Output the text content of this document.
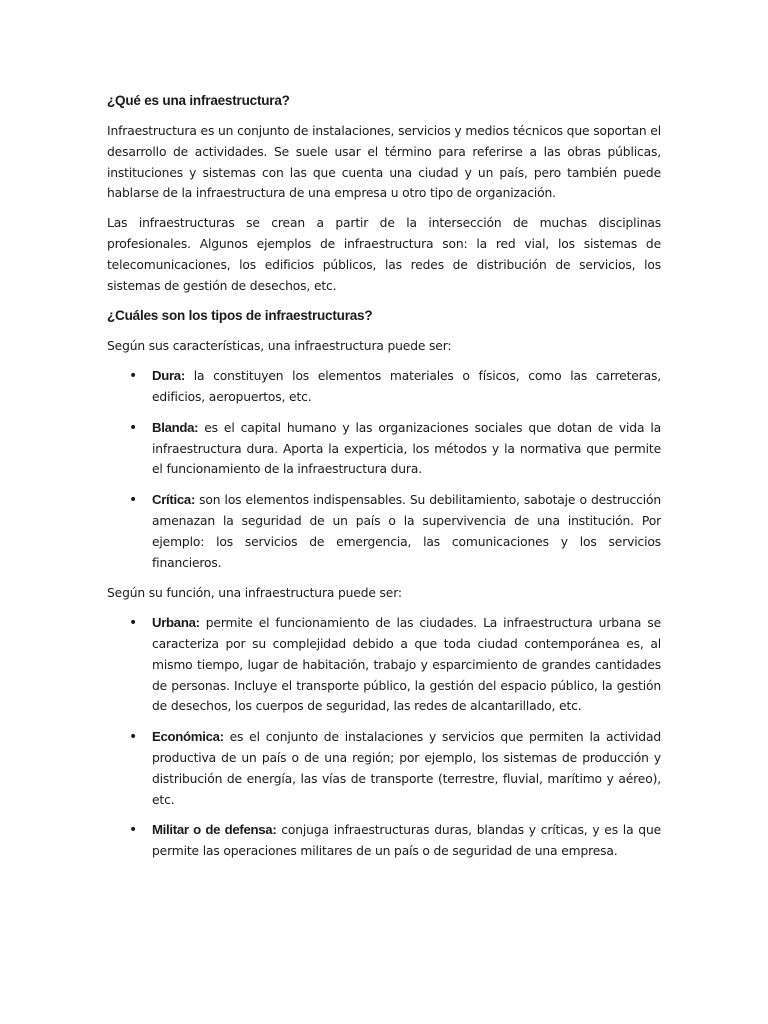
¿Qué es una infraestructura?

Infraestructura es un conjunto de instalaciones, servicios y medios técnicos que soportan el desarrollo de actividades. Se suele usar el término para referirse a las obras públicas, instituciones y sistemas con las que cuenta una ciudad y un país, pero también puede hablarse de la infraestructura de una empresa u otro tipo de organización.

Las infraestructuras se crean a partir de la intersección de muchas disciplinas profesionales. Algunos ejemplos de infraestructura son: la red vial, los sistemas de telecomunicaciones, los edificios públicos, las redes de distribución de servicios, los sistemas de gestión de desechos, etc.

¿Cuáles son los tipos de infraestructuras?

Según sus características, una infraestructura puede ser:

• Dura: la constituyen los elementos materiales o físicos, como las carreteras, edificios, aeropuertos, etc.
• Blanda: es el capital humano y las organizaciones sociales que dotan de vida la infraestructura dura. Aporta la experticia, los métodos y la normativa que permite el funcionamiento de la infraestructura dura.
• Crítica: son los elementos indispensables. Su debilitamiento, sabotaje o destrucción amenazan la seguridad de un país o la supervivencia de una institución. Por ejemplo: los servicios de emergencia, las comunicaciones y los servicios financieros.

Según su función, una infraestructura puede ser:

• Urbana: permite el funcionamiento de las ciudades. La infraestructura urbana se caracteriza por su complejidad debido a que toda ciudad contemporánea es, al mismo tiempo, lugar de habitación, trabajo y esparcimiento de grandes cantidades de personas. Incluye el transporte público, la gestión del espacio público, la gestión de desechos, los cuerpos de seguridad, las redes de alcantarillado, etc.
• Económica: es el conjunto de instalaciones y servicios que permiten la actividad productiva de un país o de una región; por ejemplo, los sistemas de producción y distribución de energía, las vías de transporte (terrestre, fluvial, marítimo y aéreo), etc.
• Militar o de defensa: conjuga infraestructuras duras, blandas y críticas, y es la que permite las operaciones militares de un país o de seguridad de una empresa.
